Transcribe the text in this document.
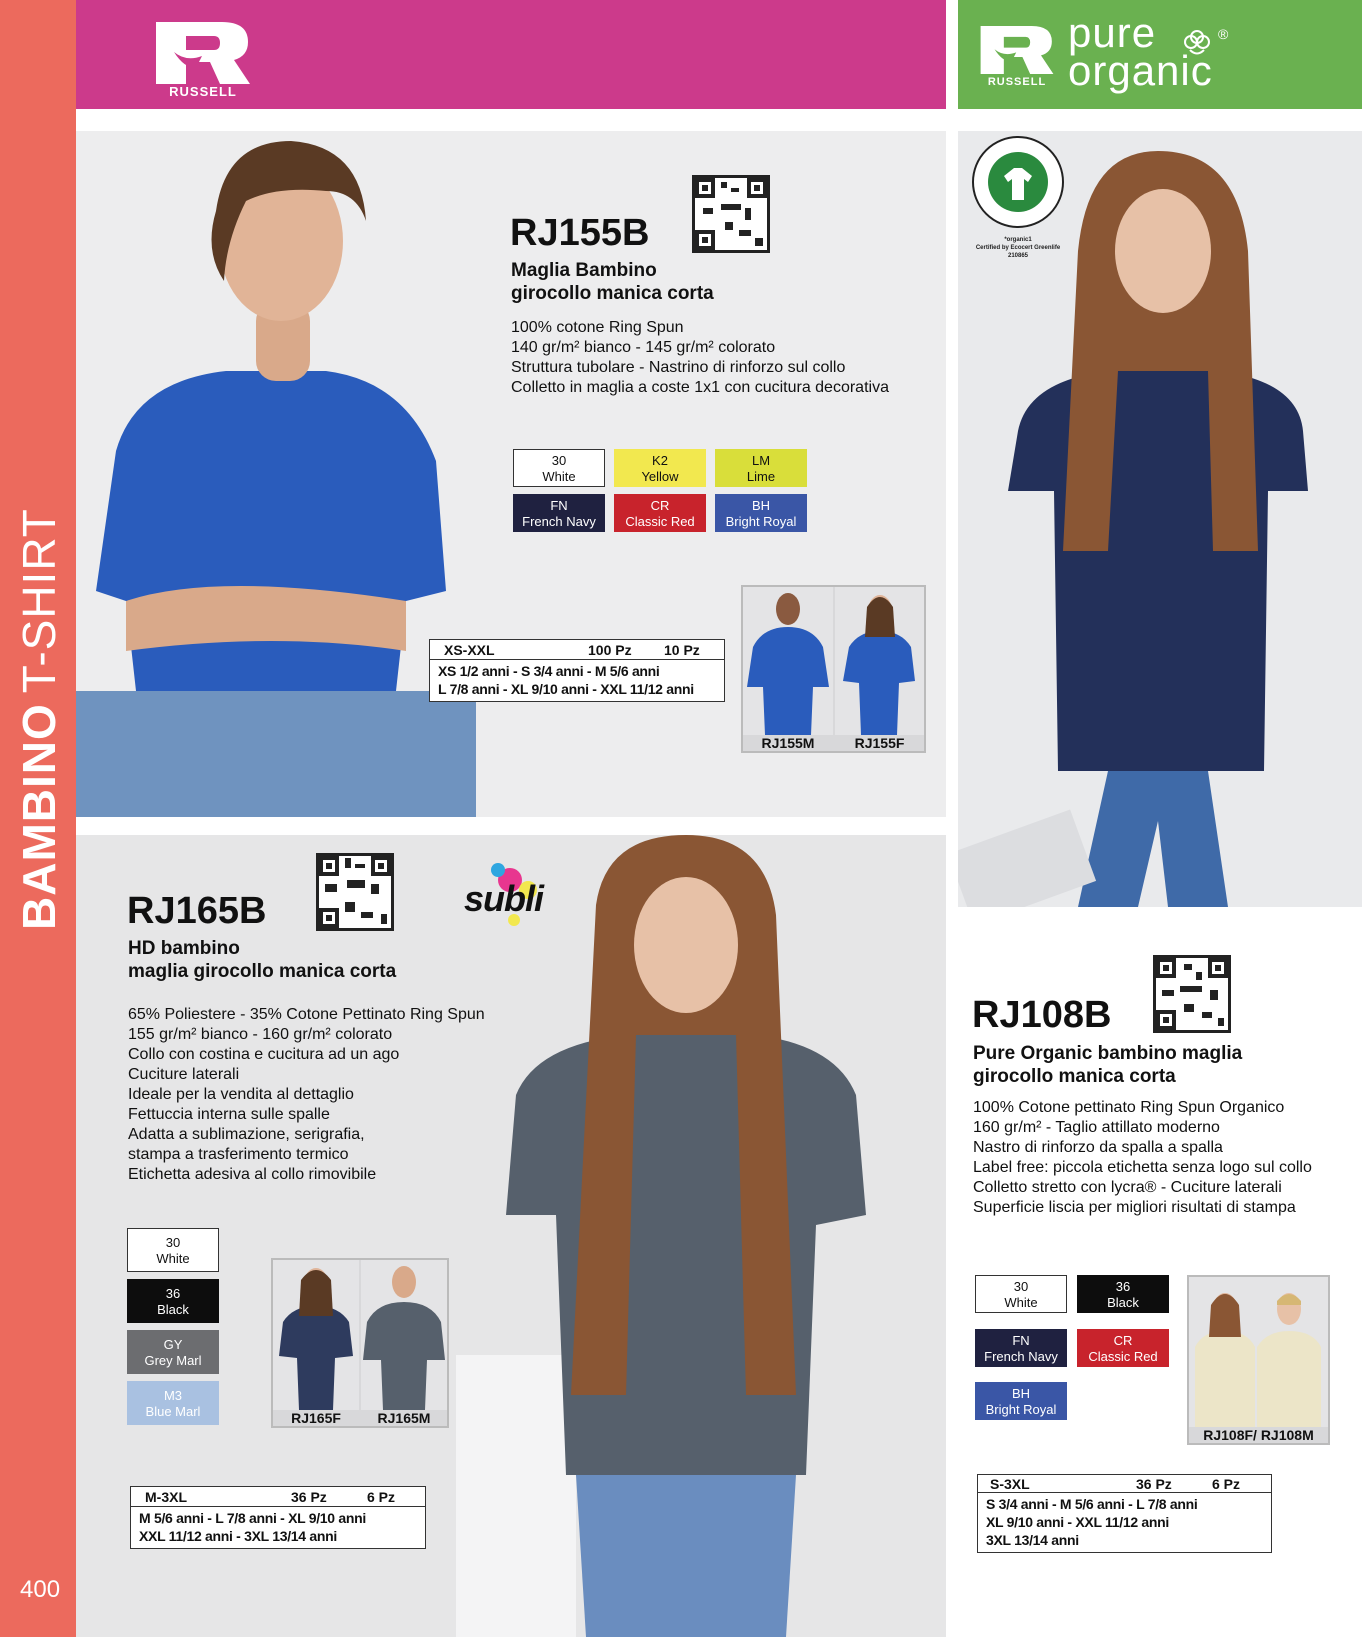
BAMBINOT-SHIRT
400
RUSSELL
RUSSELL
pure
organic
®
RJ155B
Maglia Bambino
girocollo manica corta
100% cotone Ring Spun
140 gr/m² bianco - 145 gr/m² colorato
Struttura tubolare - Nastrino di rinforzo sul collo
Colletto in maglia a coste 1x1 con cucitura decorativa
30
White
K2
Yellow
LM
Lime
FN
French Navy
CR
Classic Red
BH
Bright Royal
XS-XXL	100 Pz 10 Pz
XS 1/2 anni - S 3/4 anni - M 5/6 anni
L 7/8 anni - XL 9/10 anni - XXL 11/12 anni
RJ155M	RJ155F
*organic1
Certified by Ecocert Greenlife
210865
RJ108B
Pure Organic bambino maglia
girocollo manica corta
100% Cotone pettinato Ring Spun Organico
160 gr/m² - Taglio attillato moderno
Nastro di rinforzo da spalla a spalla
Label free: piccola etichetta senza logo sul collo
Colletto stretto con lycra® - Cuciture laterali
Superficie liscia per migliori risultati di stampa
30
White
36
Black
FN
French Navy
CR
Classic Red
BH
Bright Royal
RJ108F/ RJ108M
S-3XL	36 Pz	6 Pz
S 3/4 anni - M 5/6 anni - L 7/8 anni
XL 9/10 anni - XXL 11/12 anni
3XL 13/14 anni
subli
RJ165B
HD bambino
maglia girocollo manica corta
65% Poliestere - 35% Cotone Pettinato Ring Spun
155 gr/m² bianco - 160 gr/m² colorato
Collo con costina e cucitura ad un ago
Cuciture laterali
Ideale per la vendita al dettaglio
Fettuccia interna sulle spalle
Adatta a sublimazione, serigrafia,
stampa a trasferimento termico
Etichetta adesiva al collo rimovibile
30
White
36
Black
GY
Grey Marl
M3
Blue Marl	RJ165F	RJ165M
M-3XL	36 Pz	6 Pz
M 5/6 anni - L 7/8 anni - XL 9/10 anni
XXL 11/12 anni - 3XL 13/14 anni
